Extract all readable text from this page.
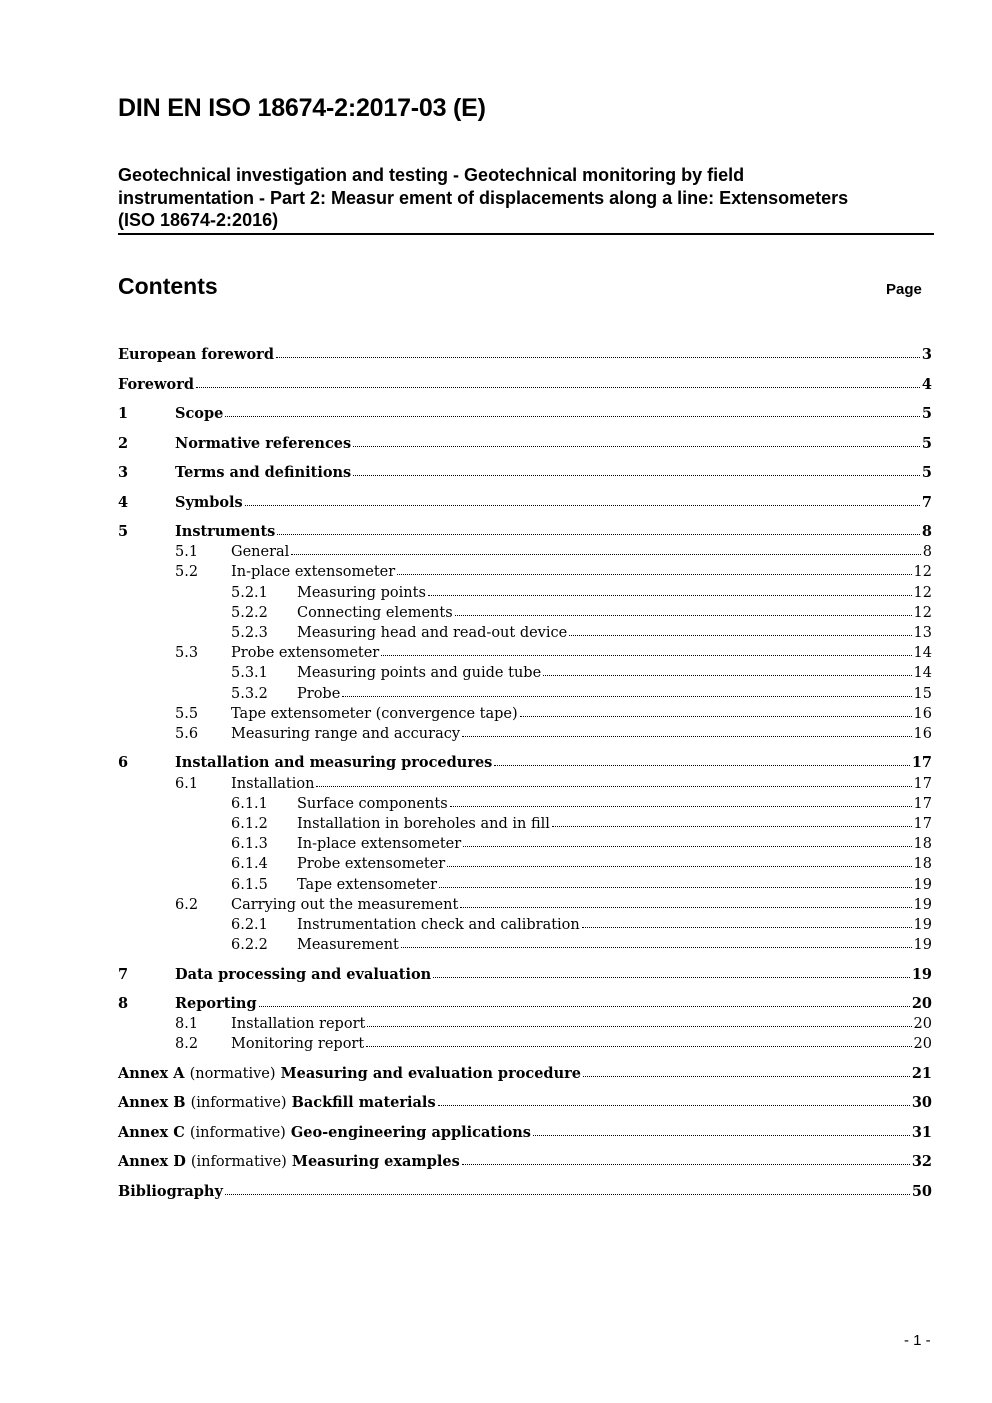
DIN EN ISO 18674-2:2017-03 (E)
Geotechnical investigation and testing - Geotechnical monitoring by field
instrumentation - Part 2: Measur ement of displacements along a line: Extensometers
(ISO 18674-2:2016)
Contents	Page
European foreword	3
Foreword	4
1	Scope	5
2	Normative references	5
3	Terms and definitions	5
4	Symbols	7
5	Instruments	8
5.1	General	8
5.2	In-place extensometer	12
5.2.1	Measuring points	12
5.2.2	Connecting elements	12
5.2.3	Measuring head and read-out device	13
5.3	Probe extensometer	14
5.3.1	Measuring points and guide tube	14
5.3.2	Probe	15
5.5	Tape extensometer (convergence tape)	16
5.6	Measuring range and accuracy	16
6	Installation and measuring procedures	17
6.1	Installation	17
6.1.1	Surface components	17
6.1.2	Installation in boreholes and in fill	17
6.1.3	In-place extensometer	18
6.1.4	Probe extensometer	18
6.1.5	Tape extensometer	19
6.2	Carrying out the measurement	19
6.2.1	Instrumentation check and calibration	19
6.2.2	Measurement	19
7	Data processing and evaluation	19
8	Reporting	20
8.1	Installation report	20
8.2	Monitoring report	20
Annex A (normative) Measuring and evaluation procedure	21
Annex B (informative) Backfill materials	30
Annex C (informative) Geo-engineering applications	31
Annex D (informative) Measuring examples	32
Bibliography	50
- 1 -
